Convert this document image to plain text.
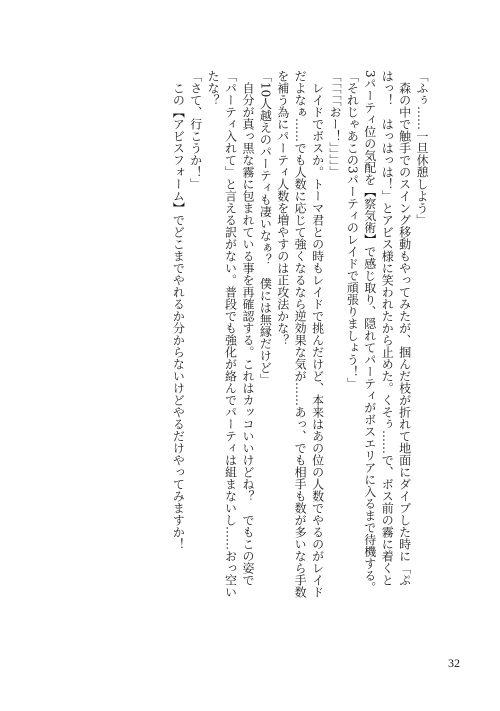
「ふぅ……一旦休憩しよう」
　森の中で触手でのスイング移動もやってみたが、掴んだ枝が折れて地面にダイブした時に「ぷ
はっ！　はっはっは！」とアビス様に笑われたから止めた。くそぅ……で、ボス前の霧に着くと
3パーティ位の気配を【察気術】で感じ取り、隠れてパーティがボスエリアに入るまで待機する。
「それじゃあこの3パーティのレイドで頑張りましょう！」
「「「「「おー！」」」」」
　レイドでボスか。トーマ君との時もレイドで挑んだけど、本来はあの位の人数でやるのがレイド
だよなぁ……でも人数に応じて強くなるなら逆効果な気が……あっ、でも相手も数が多いなら手数
を補う為にパーティ人数を増やすのは正攻法かな？
「10人越えのパーティも凄いなぁ？　僕には無縁だけど」
　自分が真っ黒な霧に包まれている事を再確認する。これはカッコいいけどね？　でもこの姿で
「パーティ入れて」と言える訳がない。普段でも強化が絡んでパーティは組まないし……おっ空い
たな？
「さて、行こうか！」
　この【アビスフォーム】でどこまでやれるか分からないけどやるだけやってみますか！
32
